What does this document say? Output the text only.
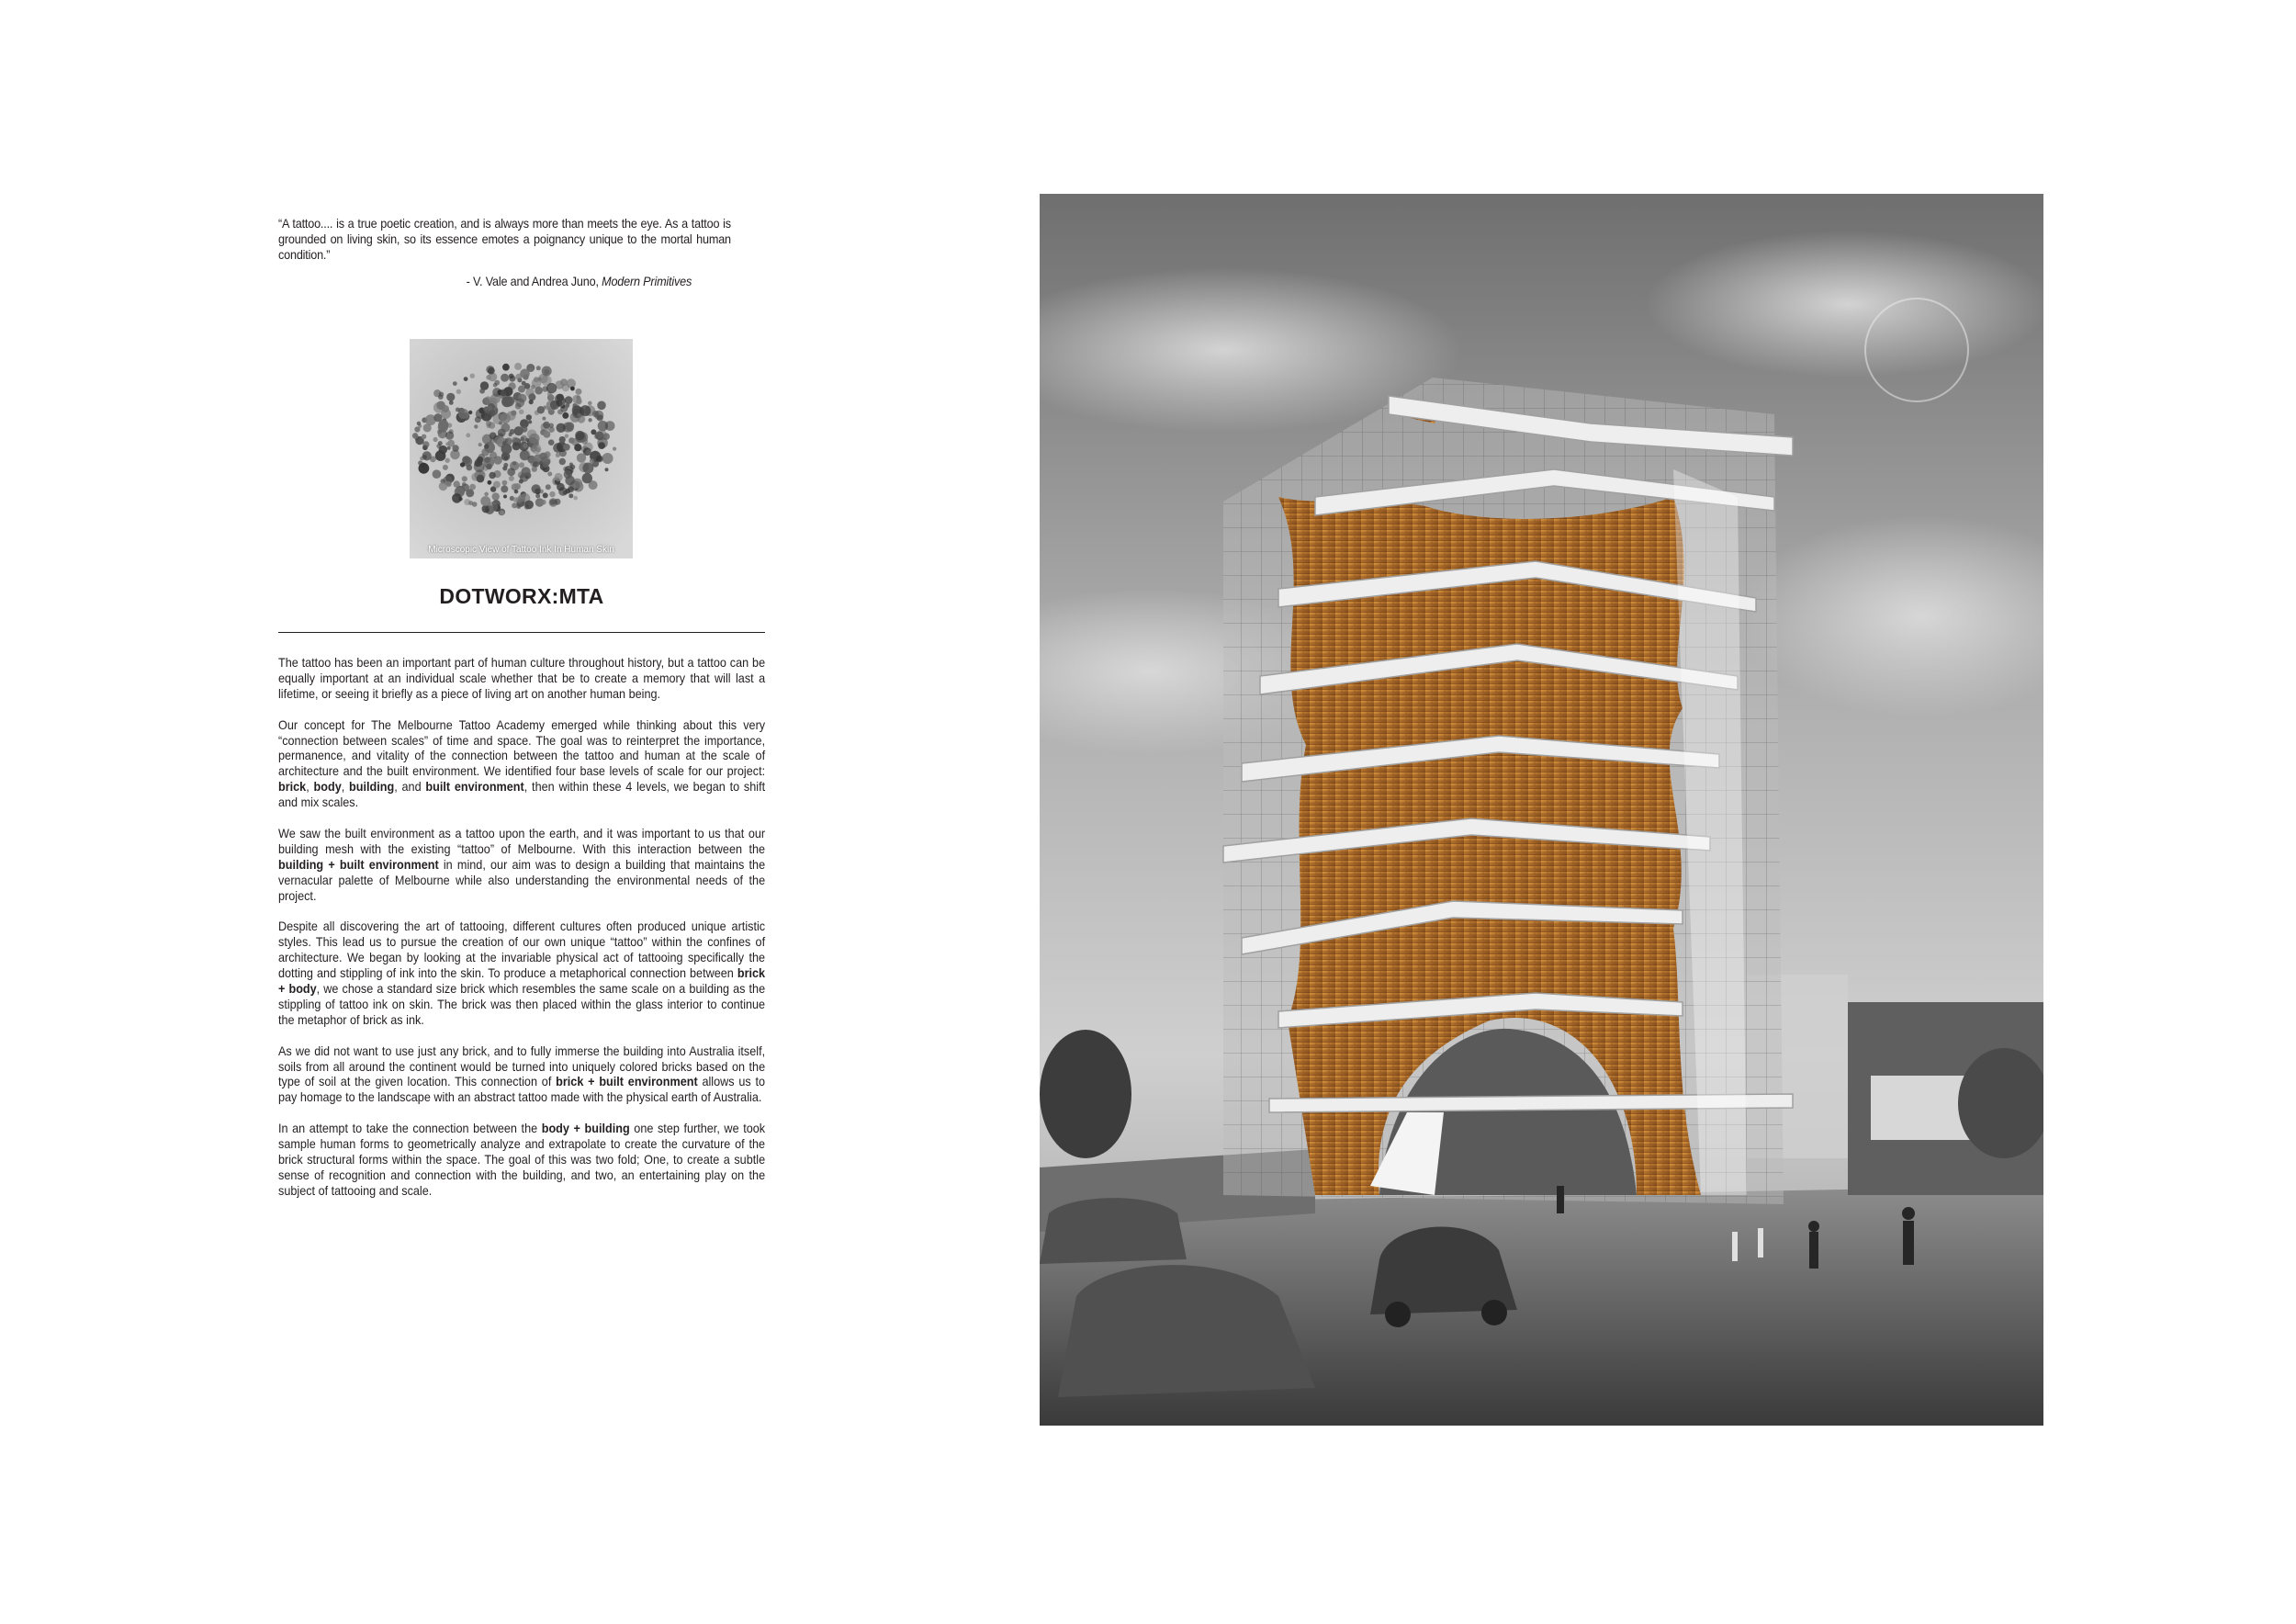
“A tattoo.... is a true poetic creation, and is always more than meets the eye. As a tattoo is grounded on living skin, so its essence emotes a poignancy unique to the mortal human condition.”

- V. Vale and Andrea Juno, Modern Primitives
Microscopic View of Tattoo Ink In Human Skin
DOTWORX:MTA

The tattoo has been an important part of human culture throughout history, but a tattoo can be equally important at an individual scale whether that be to create a memory that will last a lifetime, or seeing it briefly as a piece of living art on another human being.

Our concept for The Melbourne Tattoo Academy emerged while thinking about this very “connection between scales” of time and space. The goal was to reinterpret the importance, permanence, and vitality of the connection between the tattoo and human at the scale of architecture and the built environment. We identified four base levels of scale for our project: brick, body, building, and built environment, then within these 4 levels, we began to shift and mix scales.

We saw the built environment as a tattoo upon the earth, and it was important to us that our building mesh with the existing “tattoo” of Melbourne. With this interaction between the building + built environment in mind, our aim was to design a building that maintains the vernacular palette of Melbourne while also understanding the environmental needs of the project.

Despite all discovering the art of tattooing, different cultures often produced unique artistic styles. This lead us to pursue the creation of our own unique “tattoo” within the confines of architecture. We began by looking at the invariable physical act of tattooing specifically the dotting and stippling of ink into the skin. To produce a metaphorical connection between brick + body, we chose a standard size brick which resembles the same scale on a building as the stippling of tattoo ink on skin. The brick was then placed within the glass interior to continue the metaphor of brick as ink.

As we did not want to use just any brick, and to fully immerse the building into Australia itself, soils from all around the continent would be turned into uniquely colored bricks based on the type of soil at the given location. This connection of brick + built environment allows us to pay homage to the landscape with an abstract tattoo made with the physical earth of Australia.

In an attempt to take the connection between the body + building one step further, we took sample human forms to geometrically analyze and extrapolate to create the curvature of the brick structural forms within the space. The goal of this was two fold; One, to create a subtle sense of recognition and connection with the building, and two, an entertaining play on the subject of tattooing and scale.
